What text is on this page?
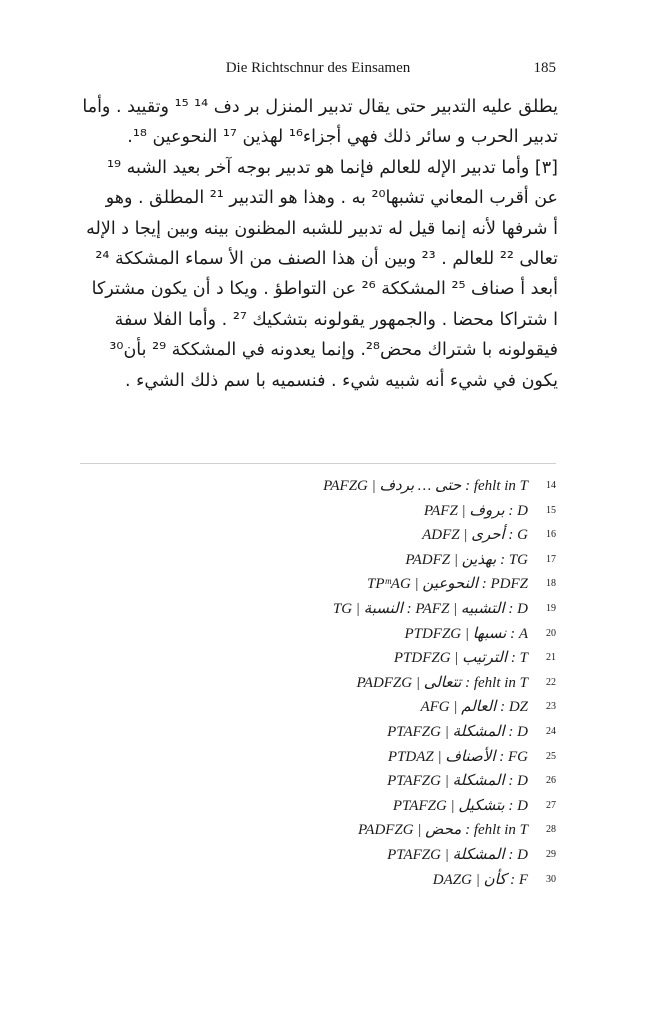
Die Richtschnur des Einsamen	185
يطلق عليه التدبير حتى يقال تدبير المنزل بر دف ¹⁴ ¹⁵ وتقييد . وأما
تدبير الحرب و سائر ذلك فهي أجزاء¹⁶ لهذين ¹⁷ النحوعين ¹⁸.
[٣] وأما تدبير الإله للعالم فإنما هو تدبير بوجه آخر بعيد الشبه ¹⁹
عن أقرب المعاني تشبها²⁰ به . وهذا هو التدبير ²¹ المطلق . وهو
أ شرفها لأنه إنما قيل له تدبير للشبه المظنون بينه وبين إيجا د الإله
تعالى ²² للعالم . ²³ وبين أن هذا الصنف من الأ سماء المشككة ²⁴
أبعد أ صناف ²⁵ المشككة ²⁶ عن التواطؤ . ويكا د أن يكون مشتركا
ا شتراكا محضا . والجمهور يقولونه بتشكيك ²⁷ . وأما الفلا سفة
فيقولونه با شتراك محض²⁸. وإنما يعدونه في المشككة ²⁹ بأن³⁰
يكون في شيء أنه شبيه شيء . فنسميه با سم ذلك الشيء .
14
PAFZG | حتى … بردف : fehlt in T
15
PAFZ | بروف : D
16
ADFZ | أحرى : G
17
PADFZ | بهذين : TG
18
TPᵐAG | النحوعين : PDFZ
19
TG | النسبة : PAFZ | التشبيه : D
20
PTDFZG | نسبها : A
21
PTDFZG | الترتيب : T
22
PADFZG | تتعالى : fehlt in T
23
AFG | العالم : DZ
24
PTAFZG | المشكلة : D
25
PTDAZ | الأصناف : FG
26
PTAFZG | المشكلة : D
27
PTAFZG | بتشكيل : D
28
PADFZG | محض : fehlt in T
29
PTAFZG | المشكلة : D
30
DAZG | كأن : F
